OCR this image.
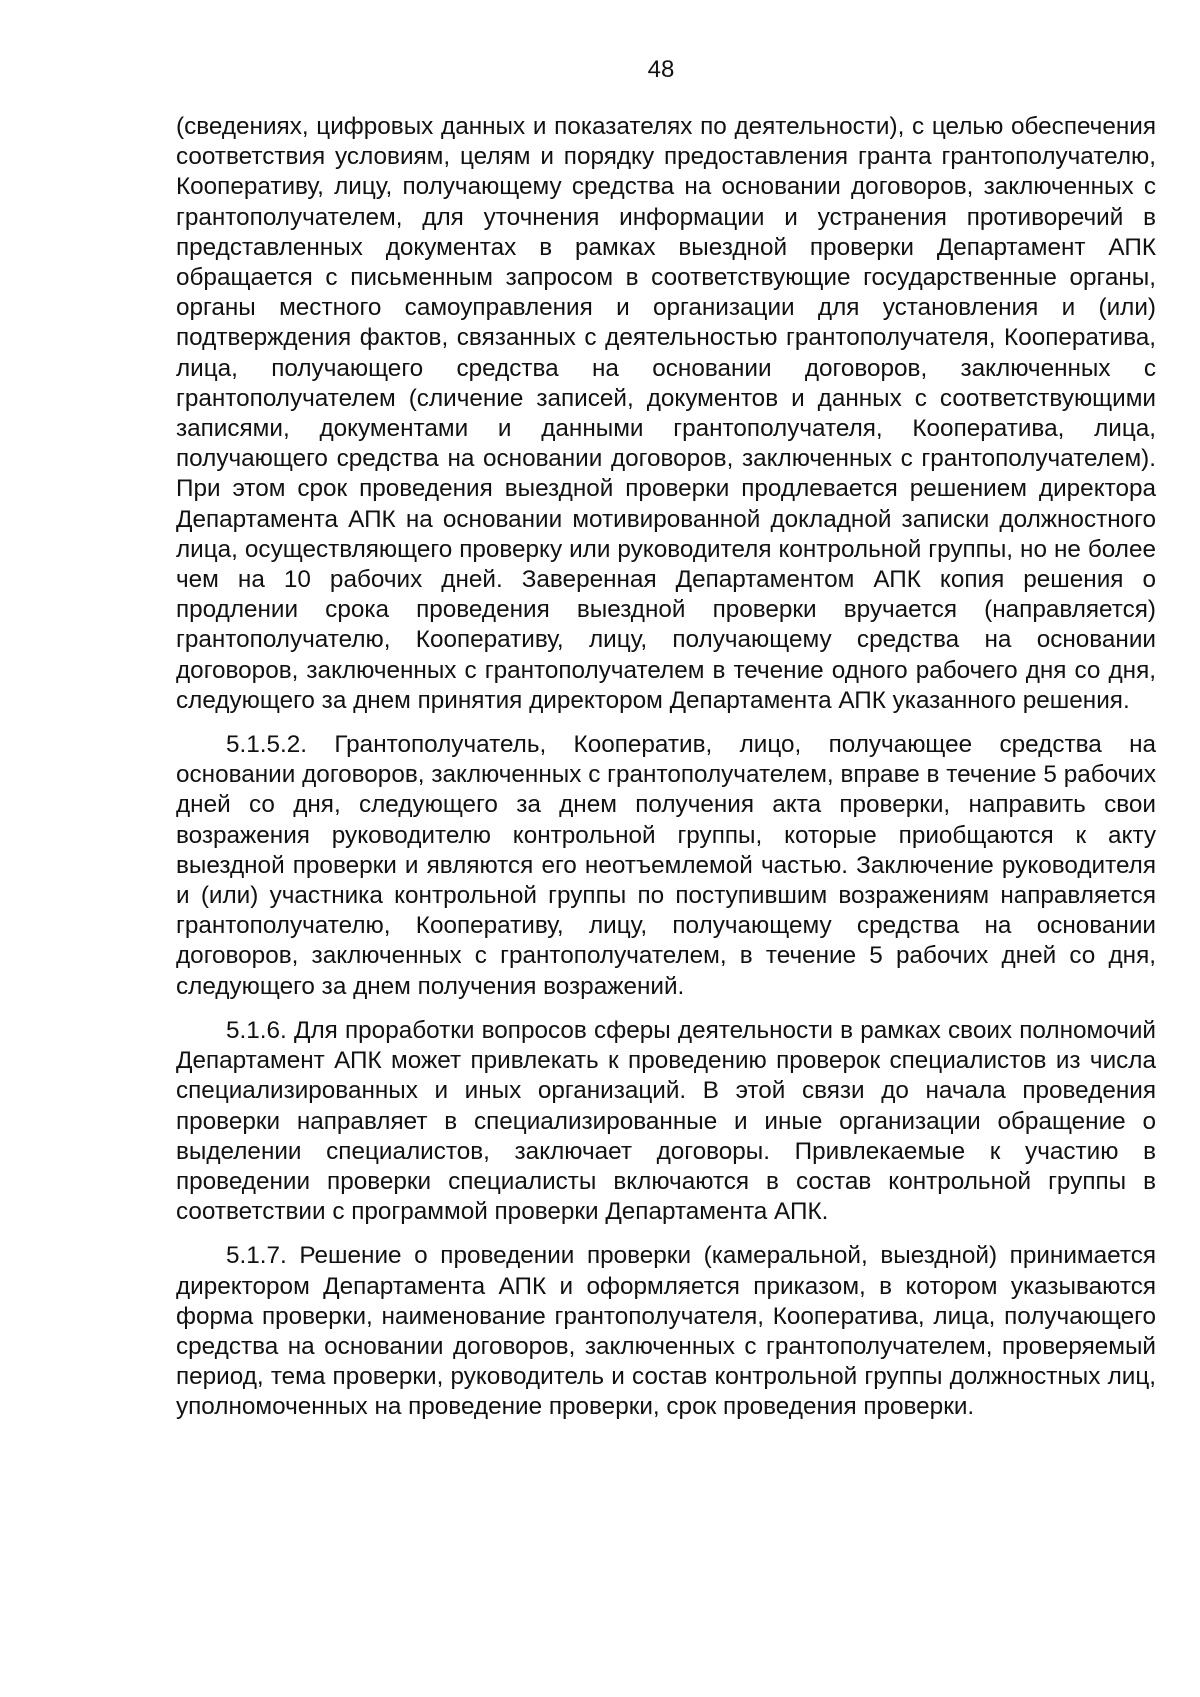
48

(сведениях, цифровых данных и показателях по деятельности), с целью обеспечения соответствия условиям, целям и порядку предоставления гранта грантополучателю, Кооперативу, лицу, получающему средства на основании договоров, заключенных с грантополучателем, для уточнения информации и устранения противоречий в представленных документах в рамках выездной проверки Департамент АПК обращается с письменным запросом в соответствующие государственные органы, органы местного самоуправления и организации для установления и (или) подтверждения фактов, связанных с деятельностью грантополучателя, Кооператива, лица, получающего средства на основании договоров, заключенных с грантополучателем (сличение записей, документов и данных с соответствующими записями, документами и данными грантополучателя, Кооператива, лица, получающего средства на основании договоров, заключенных с грантополучателем). При этом срок проведения выездной проверки продлевается решением директора Департамента АПК на основании мотивированной докладной записки должностного лица, осуществляющего проверку или руководителя контрольной группы, но не более чем на 10 рабочих дней. Заверенная Департаментом АПК копия решения о продлении срока проведения выездной проверки вручается (направляется) грантополучателю, Кооперативу, лицу, получающему средства на основании договоров, заключенных с грантополучателем в течение одного рабочего дня со дня, следующего за днем принятия директором Департамента АПК указанного решения.

5.1.5.2. Грантополучатель, Кооператив, лицо, получающее средства на основании договоров, заключенных с грантополучателем, вправе в течение 5 рабочих дней со дня, следующего за днем получения акта проверки, направить свои возражения руководителю контрольной группы, которые приобщаются к акту выездной проверки и являются его неотъемлемой частью. Заключение руководителя и (или) участника контрольной группы по поступившим возражениям направляется грантополучателю, Кооперативу, лицу, получающему средства на основании договоров, заключенных с грантополучателем, в течение 5 рабочих дней со дня, следующего за днем получения возражений.

5.1.6. Для проработки вопросов сферы деятельности в рамках своих полномочий Департамент АПК может привлекать к проведению проверок специалистов из числа специализированных и иных организаций. В этой связи до начала проведения проверки направляет в специализированные и иные организации обращение о выделении специалистов, заключает договоры. Привлекаемые к участию в проведении проверки специалисты включаются в состав контрольной группы в соответствии с программой проверки Департамента АПК.

5.1.7. Решение о проведении проверки (камеральной, выездной) принимается директором Департамента АПК и оформляется приказом, в котором указываются форма проверки, наименование грантополучателя, Кооператива, лица, получающего средства на основании договоров, заключенных с грантополучателем, проверяемый период, тема проверки, руководитель и состав контрольной группы должностных лиц, уполномоченных на проведение проверки, срок проведения проверки.
